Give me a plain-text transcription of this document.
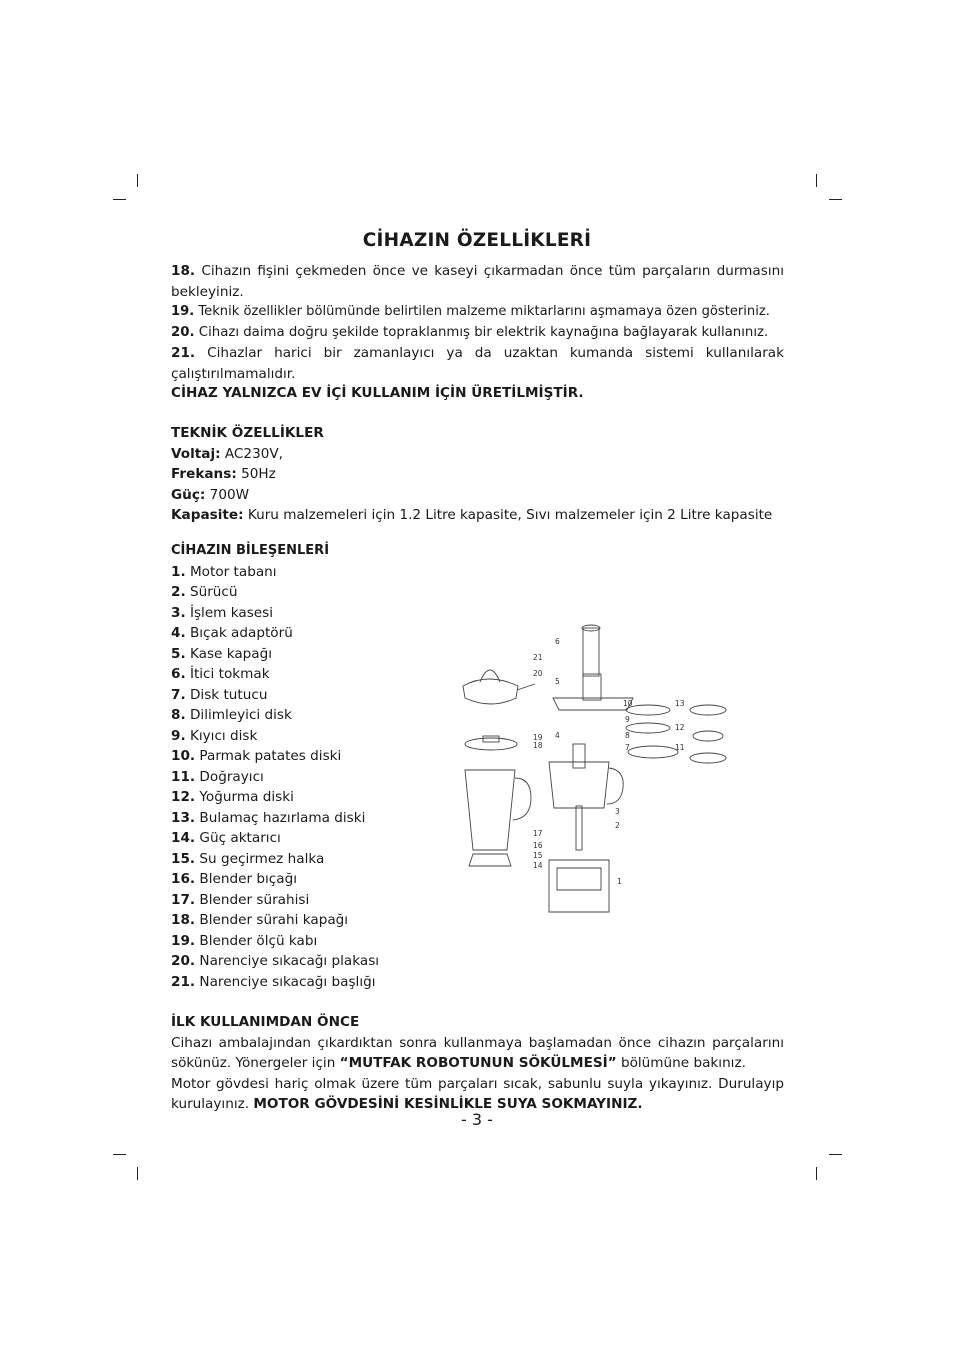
CİHAZIN ÖZELLİKLERİ

18. Cihazın fişini çekmeden önce ve kaseyi çıkarmadan önce tüm parçaların durmasını bekleyiniz.

19. Teknik özellikler bölümünde belirtilen malzeme miktarlarını aşmamaya özen gösteriniz.

20. Cihazı daima doğru şekilde topraklanmış bir elektrik kaynağına bağlayarak kullanınız.

21. Cihazlar harici bir zamanlayıcı ya da uzaktan kumanda sistemi kullanılarak çalıştırılmamalıdır.

CİHAZ YALNIZCA EV İÇİ KULLANIM İÇİN ÜRETİLMİŞTİR.

TEKNİK ÖZELLİKLER

Voltaj: AC230V,

Frekans: 50Hz

Güç: 700W

Kapasite: Kuru malzemeleri için 1.2 Litre kapasite, Sıvı malzemeler için 2 Litre kapasite

CİHAZIN BİLEŞENLERİ

1. Motor tabanı
2. Sürücü
3. İşlem kasesi
4. Bıçak adaptörü
5. Kase kapağı
6. İtici tokmak
7. Disk tutucu
8. Dilimleyici disk
9. Kıyıcı disk
10. Parmak patates diski
11. Doğrayıcı
12. Yoğurma diski
13. Bulamaç hazırlama diski
14. Güç aktarıcı
15. Su geçirmez halka
16. Blender bıçağı
17. Blender sürahisi
18. Blender sürahi kapağı
19. Blender ölçü kabı
20. Narenciye sıkacağı plakası
21. Narenciye sıkacağı başlığı
1
2
3
4
5
6
7
8
9
10
11
12
13
14
15
16
17
18
19
20
21

İLK KULLANIMDAN ÖNCE

Cihazı ambalajından çıkardıktan sonra kullanmaya başlamadan önce cihazın parçalarını sökünüz. Yönergeler için “MUTFAK ROBOTUNUN SÖKÜLMESİ” bölümüne bakınız.

Motor gövdesi hariç olmak üzere tüm parçaları sıcak, sabunlu suyla yıkayınız. Durulayıp kurulayınız. MOTOR GÖVDESİNİ KESİNLİKLE SUYA SOKMAYINIZ.

- 3 -
